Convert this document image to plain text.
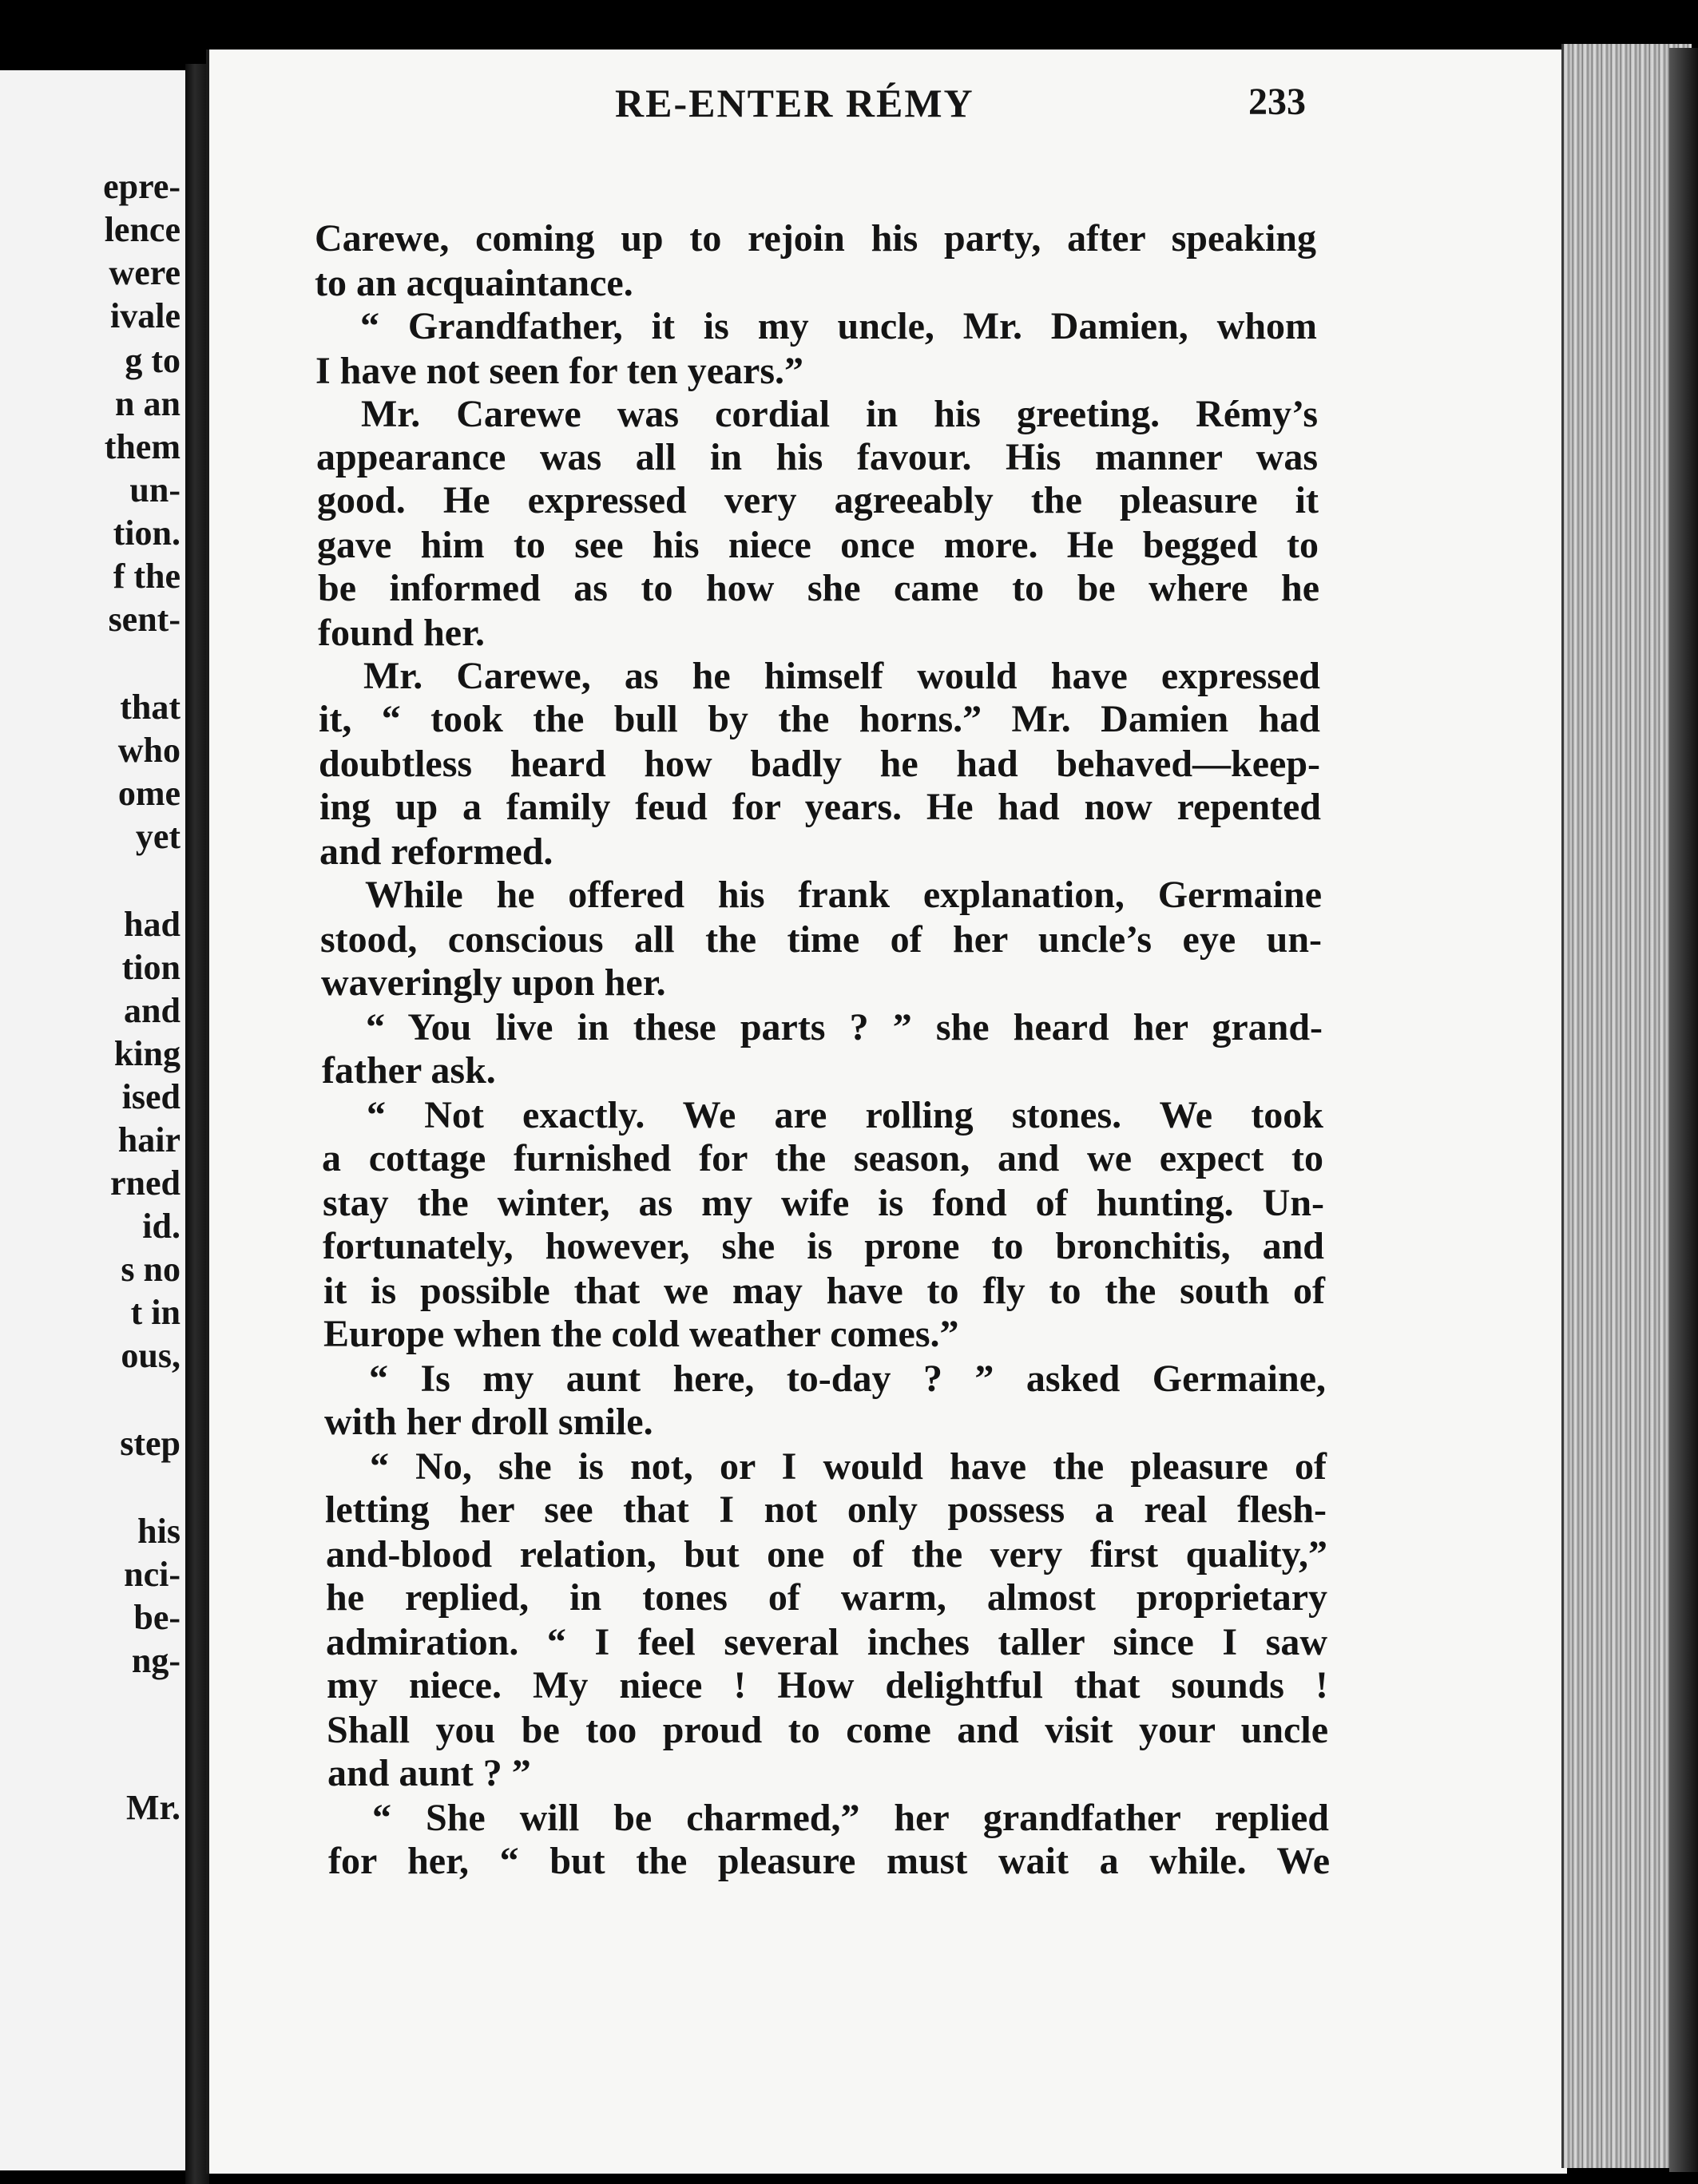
epre-
lence
were
ivale
g to
n an
them
un-
tion.
f the
sent-
that
who
ome
yet
had
tion
and
king
ised
hair
rned
id.
s no
t in
ous,
step
his
nci-
be-
ng-
Mr.
RE-ENTER RÉMY	233
Carewe, coming up to rejoin his party, after speaking
to an acquaintance.
“ Grandfather, it is my uncle, Mr. Damien, whom
I have not seen for ten years.”
Mr. Carewe was cordial in his greeting. Rémy’s
appearance was all in his favour. His manner was
good. He expressed very agreeably the pleasure it
gave him to see his niece once more. He begged to
be informed as to how she came to be where he
found her.
Mr. Carewe, as he himself would have expressed
it, “ took the bull by the horns.” Mr. Damien had
doubtless heard how badly he had behaved—keep-
ing up a family feud for years. He had now repented
and reformed.
While he offered his frank explanation, Germaine
stood, conscious all the time of her uncle’s eye un-
waveringly upon her.
“ You live in these parts ? ” she heard her grand-
father ask.
“ Not exactly. We are rolling stones. We took
a cottage furnished for the season, and we expect to
stay the winter, as my wife is fond of hunting. Un-
fortunately, however, she is prone to bronchitis, and
it is possible that we may have to fly to the south of
Europe when the cold weather comes.”
“ Is my aunt here, to-day ? ” asked Germaine,
with her droll smile.
“ No, she is not, or I would have the pleasure of
letting her see that I not only possess a real flesh-
and-blood relation, but one of the very first quality,”
he replied, in tones of warm, almost proprietary
admiration. “ I feel several inches taller since I saw
my niece. My niece ! How delightful that sounds !
Shall you be too proud to come and visit your uncle
and aunt ? ”
“ She will be charmed,” her grandfather replied
for her, “ but the pleasure must wait a while. We
